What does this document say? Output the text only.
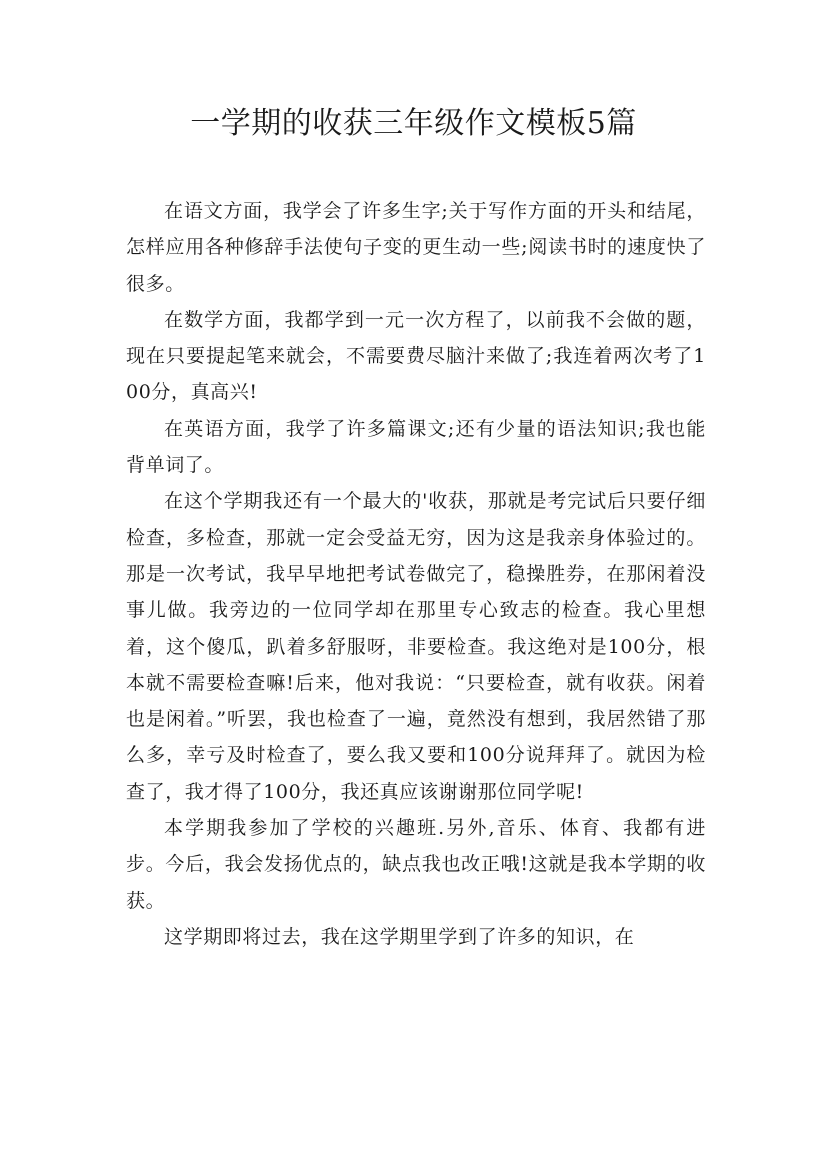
一学期的收获三年级作文模板5篇

在语文方面，我学会了许多生字;关于写作方面的开头和结尾，怎样应用各种修辞手法使句子变的更生动一些;阅读书时的速度快了很多。

在数学方面，我都学到一元一次方程了，以前我不会做的题，现在只要提起笔来就会，不需要费尽脑汁来做了;我连着两次考了100分，真高兴!

在英语方面，我学了许多篇课文;还有少量的语法知识;我也能背单词了。

在这个学期我还有一个最大的'收获，那就是考完试后只要仔细检查，多检查，那就一定会受益无穷，因为这是我亲身体验过的。 那是一次考试，我早早地把考试卷做完了，稳操胜券，在那闲着没事儿做。我旁边的一位同学却在那里专心致志的检查。我心里想着，这个傻瓜，趴着多舒服呀，非要检查。我这绝对是100分，根本就不需要检查嘛!后来，他对我说：“只要检查，就有收获。闲着也是闲着。”听罢，我也检查了一遍，竟然没有想到，我居然错了那么多，幸亏及时检查了，要么我又要和100分说拜拜了。就因为检查了，我才得了100分，我还真应该谢谢那位同学呢!

本学期我参加了学校的兴趣班.另外,音乐、体育、我都有进步。今后，我会发扬优点的，缺点我也改正哦!这就是我本学期的收获。

这学期即将过去，我在这学期里学到了许多的知识，在
